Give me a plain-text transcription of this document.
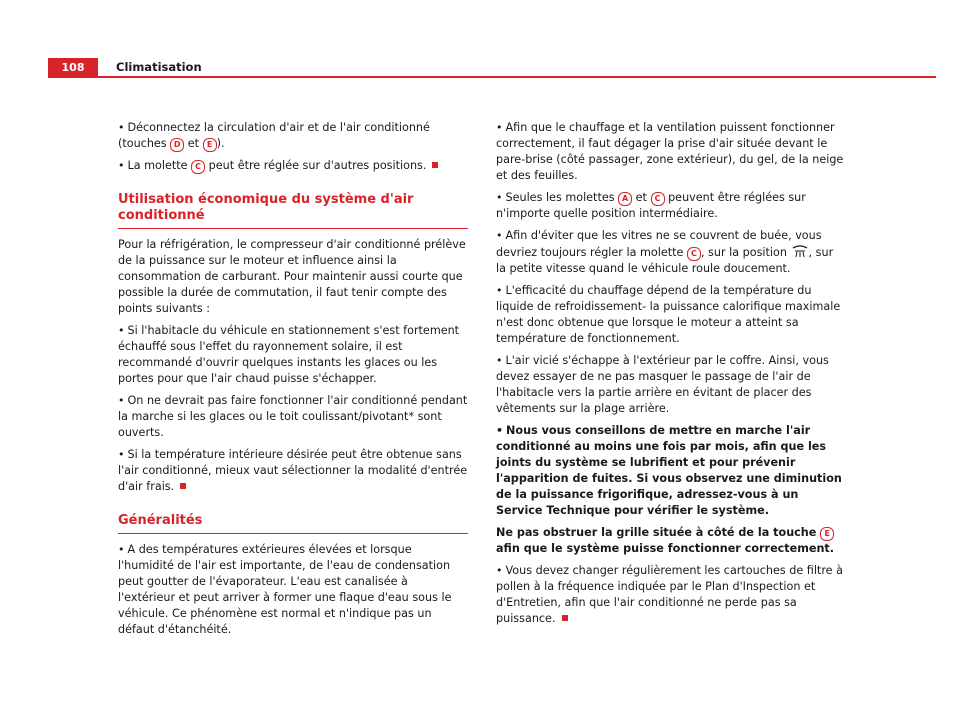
108	Climatisation

• Déconnectez la circulation d'air et de l'air conditionné (touches D et E ).

• La molette C peut être réglée sur d'autres positions.

Utilisation économique du système d'air conditionné

Pour la réfrigération, le compresseur d'air conditionné prélève de la puissance sur le moteur et influence ainsi la consommation de carburant. Pour maintenir aussi courte que possible la durée de commutation, il faut tenir compte des points suivants :

• Si l'habitacle du véhicule en stationnement s'est fortement échauffé sous l'effet du rayonnement solaire, il est recommandé d'ouvrir quelques instants les glaces ou les portes pour que l'air chaud puisse s'échapper.

• On ne devrait pas faire fonctionner l'air conditionné pendant la marche si les glaces ou le toit coulissant/pivotant* sont ouverts.

• Si la température intérieure désirée peut être obtenue sans l'air conditionné, mieux vaut sélectionner la modalité d'entrée d'air frais.

Généralités

• A des températures extérieures élevées et lorsque l'humidité de l'air est importante, de l'eau de condensation peut goutter de l'évaporateur. L'eau est canalisée à l'extérieur et peut arriver à former une flaque d'eau sous le véhicule. Ce phénomène est normal et n'indique pas un défaut d'étanchéité.

• Afin que le chauffage et la ventilation puissent fonctionner correctement, il faut dégager la prise d'air située devant le pare-brise (côté passager, zone extérieur), du gel, de la neige et des feuilles.

• Seules les molettes A et C peuvent être réglées sur n'importe quelle position intermédiaire.

• Afin d'éviter que les vitres ne se couvrent de buée, vous devriez toujours régler la molette C , sur la position , sur la petite vitesse quand le véhicule roule doucement.

• L'efficacité du chauffage dépend de la température du liquide de refroidissement- la puissance calorifique maximale n'est donc obtenue que lorsque le moteur a atteint sa température de fonctionnement.

• L'air vicié s'échappe à l'extérieur par le coffre. Ainsi, vous devez essayer de ne pas masquer le passage de l'air de l'habitacle vers la partie arrière en évitant de placer des vêtements sur la plage arrière.

• Nous vous conseillons de mettre en marche l'air conditionné au moins une fois par mois, afin que les joints du système se lubrifient et pour prévenir l'apparition de fuites. Si vous observez une diminution de la puissance frigorifique, adressez-vous à un Service Technique pour vérifier le système.

Ne pas obstruer la grille située à côté de la touche E afin que le système puisse fonctionner correctement.

• Vous devez changer régulièrement les cartouches de filtre à pollen à la fréquence indiquée par le Plan d'Inspection et d'Entretien, afin que l'air conditionné ne perde pas sa puissance.
